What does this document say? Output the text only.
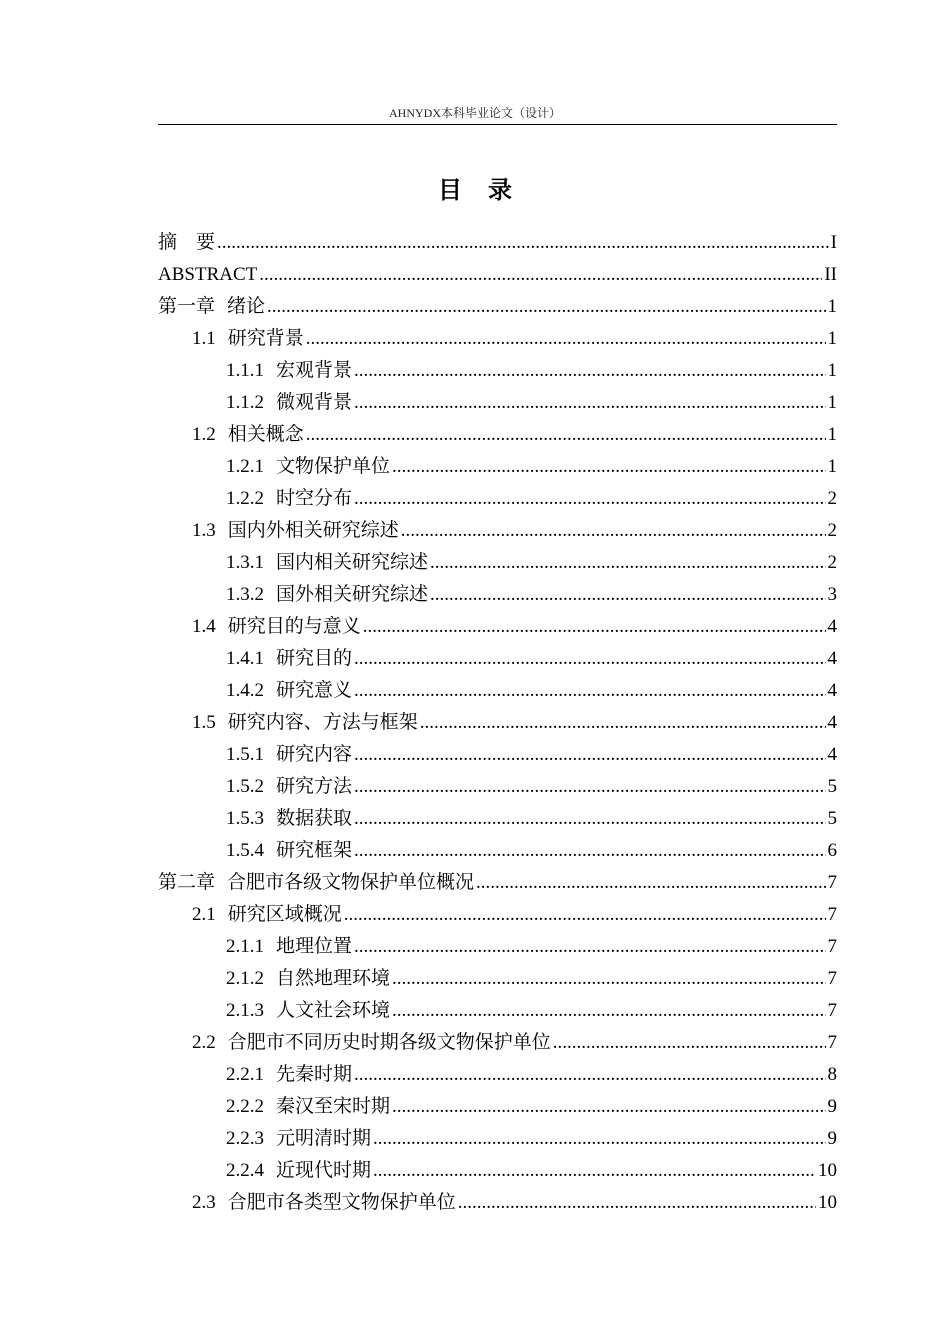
AHNYDX本科毕业论文（设计）
目 录
摘　要 .....	I
ABSTRACT .....	II
第一章 绪论 .....	1
1.1 研究背景 .....	1
1.1.1 宏观背景 .....	1
1.1.2 微观背景 .....	1
1.2 相关概念 .....	1
1.2.1 文物保护单位 .....	1
1.2.2 时空分布 .....	2
1.3 国内外相关研究综述 .....	2
1.3.1 国内相关研究综述 .....	2
1.3.2 国外相关研究综述 .....	3
1.4 研究目的与意义 .....	4
1.4.1 研究目的 .....	4
1.4.2 研究意义 .....	4
1.5 研究内容、方法与框架 .....	4
1.5.1 研究内容 .....	4
1.5.2 研究方法 .....	5
1.5.3 数据获取 .....	5
1.5.4 研究框架 .....	6
第二章 合肥市各级文物保护单位概况 .....	7
2.1 研究区域概况 .....	7
2.1.1 地理位置 .....	7
2.1.2 自然地理环境 .....	7
2.1.3 人文社会环境 .....	7
2.2 合肥市不同历史时期各级文物保护单位 .....	7
2.2.1 先秦时期 .....	8
2.2.2 秦汉至宋时期 .....	9
2.2.3 元明清时期 .....	9
2.2.4 近现代时期 .....	10
2.3 合肥市各类型文物保护单位 .....	10
